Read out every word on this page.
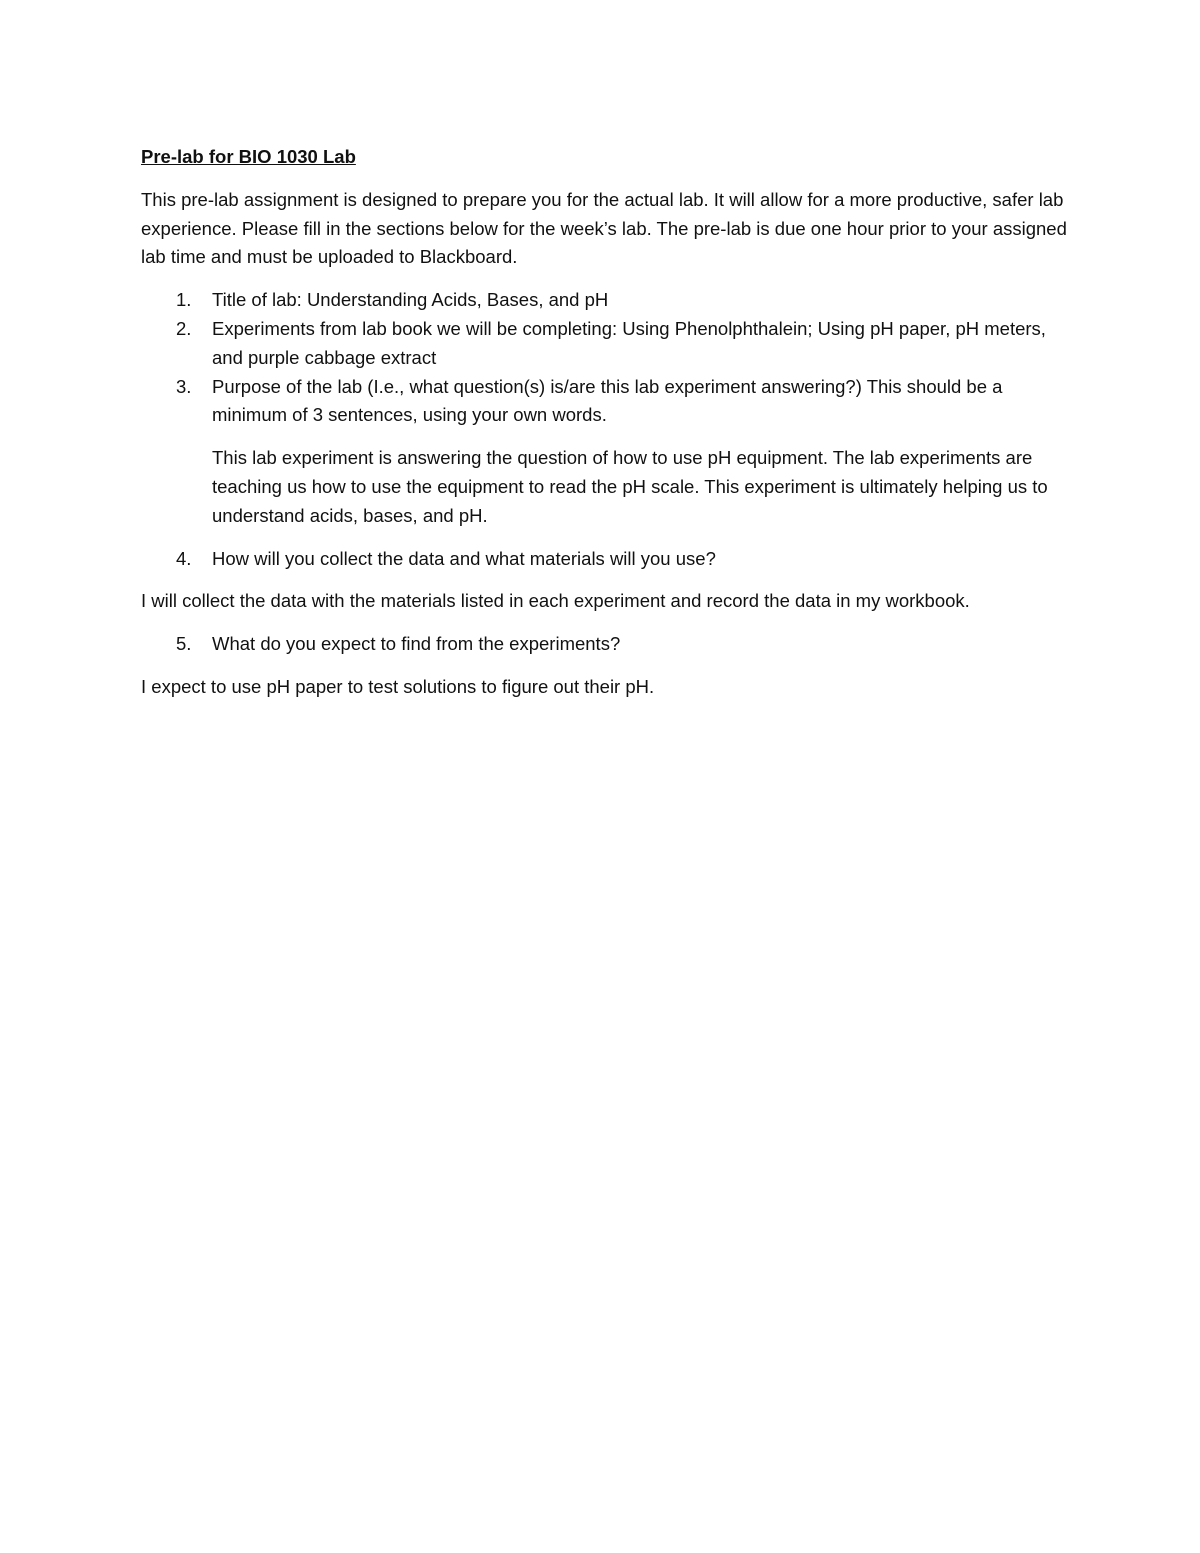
Pre-lab for BIO 1030 Lab
This pre-lab assignment is designed to prepare you for the actual lab. It will allow for a more productive, safer lab experience. Please fill in the sections below for the week’s lab. The pre-lab is due one hour prior to your assigned lab time and must be uploaded to Blackboard.
1. Title of lab: Understanding Acids, Bases, and pH
2. Experiments from lab book we will be completing: Using Phenolphthalein; Using pH paper, pH meters, and purple cabbage extract
3. Purpose of the lab (I.e., what question(s) is/are this lab experiment answering?) This should be a minimum of 3 sentences, using your own words.
This lab experiment is answering the question of how to use pH equipment. The lab experiments are teaching us how to use the equipment to read the pH scale. This experiment is ultimately helping us to understand acids, bases, and pH.
4. How will you collect the data and what materials will you use?
I will collect the data with the materials listed in each experiment and record the data in my workbook.
5. What do you expect to find from the experiments?
I expect to use pH paper to test solutions to figure out their pH.
